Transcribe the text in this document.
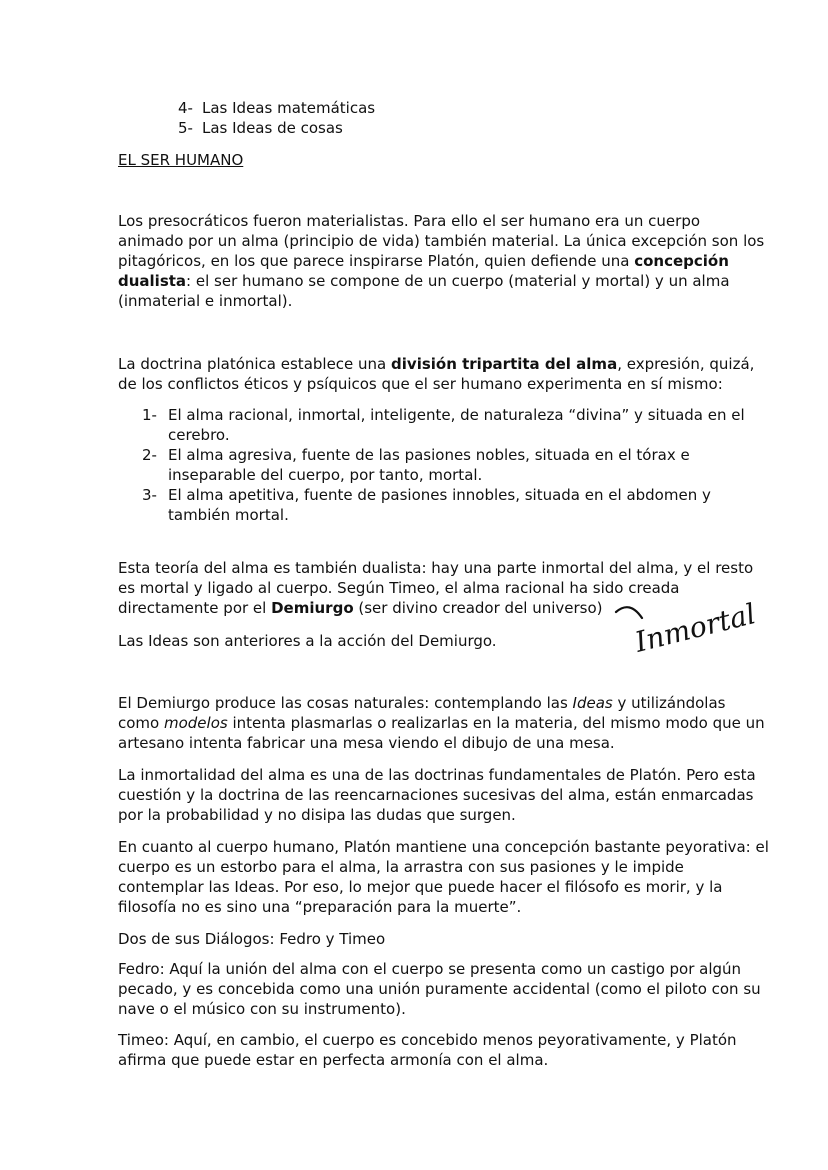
4- Las Ideas matemáticas
5- Las Ideas de cosas

EL SER HUMANO

Los presocráticos fueron materialistas. Para ello el ser humano era un cuerpo animado por un alma (principio de vida) también material. La única excepción son los pitagóricos, en los que parece inspirarse Platón, quien defiende una concepción dualista: el ser humano se compone de un cuerpo (material y mortal) y un alma (inmaterial e inmortal).

La doctrina platónica establece una división tripartita del alma, expresión, quizá, de los conflictos éticos y psíquicos que el ser humano experimenta en sí mismo:

1- El alma racional, inmortal, inteligente, de naturaleza “divina” y situada en el cerebro.
2- El alma agresiva, fuente de las pasiones nobles, situada en el tórax e inseparable del cuerpo, por tanto, mortal.
3- El alma apetitiva, fuente de pasiones innobles, situada en el abdomen y también mortal.

Esta teoría del alma es también dualista: hay una parte inmortal del alma, y el resto es mortal y ligado al cuerpo. Según Timeo, el alma racional ha sido creada directamente por el Demiurgo (ser divino creador del universo)

Las Ideas son anteriores a la acción del Demiurgo.

El Demiurgo produce las cosas naturales: contemplando las Ideas y utilizándolas como modelos intenta plasmarlas o realizarlas en la materia, del mismo modo que un artesano intenta fabricar una mesa viendo el dibujo de una mesa.

La inmortalidad del alma es una de las doctrinas fundamentales de Platón. Pero esta cuestión y la doctrina de las reencarnaciones sucesivas del alma, están enmarcadas por la probabilidad y no disipa las dudas que surgen.

En cuanto al cuerpo humano, Platón mantiene una concepción bastante peyorativa: el cuerpo es un estorbo para el alma, la arrastra con sus pasiones y le impide contemplar las Ideas. Por eso, lo mejor que puede hacer el filósofo es morir, y la filosofía no es sino una “preparación para la muerte”.

Dos de sus Diálogos: Fedro y Timeo

Fedro: Aquí la unión del alma con el cuerpo se presenta como un castigo por algún pecado, y es concebida como una unión puramente accidental (como el piloto con su nave o el músico con su instrumento).

Timeo: Aquí, en cambio, el cuerpo es concebido menos peyorativamente, y Platón afirma que puede estar en perfecta armonía con el alma.

Inmortal
